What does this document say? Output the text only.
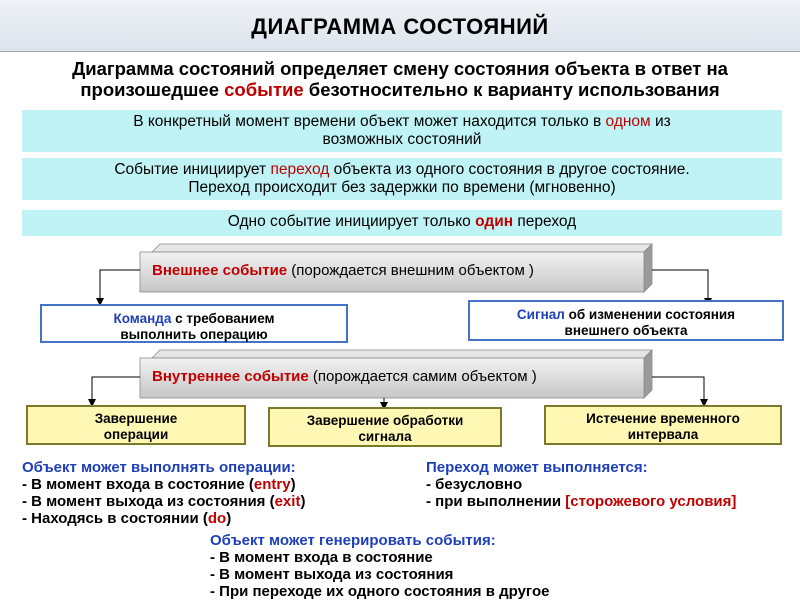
ДИАГРАММА СОСТОЯНИЙ
Диаграмма состояний определяет смену состояния объекта в ответ на
произошедшее событие безотносительно к варианту использования
В конкретный момент времени объект может находится только в одном из возможных состояний
Событие инициирует переход объекта из одного состояния в другое состояние.
Переход происходит без задержки по времени (мгновенно)
Одно событие инициирует только один переход
Внешнее событие (порождается внешним объектом )
Внутреннее событие (порождается самим объектом )
Команда с требованием
выполнить операцию
Сигнал об изменении состояния
внешнего объекта
Завершение
операции
Завершение обработки
сигнала
Истечение временного
интервала
Объект может выполнять операции:
- В момент входа в состояние (entry)
- В момент выхода из состояния (exit)
- Находясь в состоянии (do)
Переход может выполняется:
- безусловно
- при выполнении [сторожевого условия]
Объект может генерировать события:
- В момент входа в состояние
- В момент выхода из состояния
- При переходе их одного состояния в другое
